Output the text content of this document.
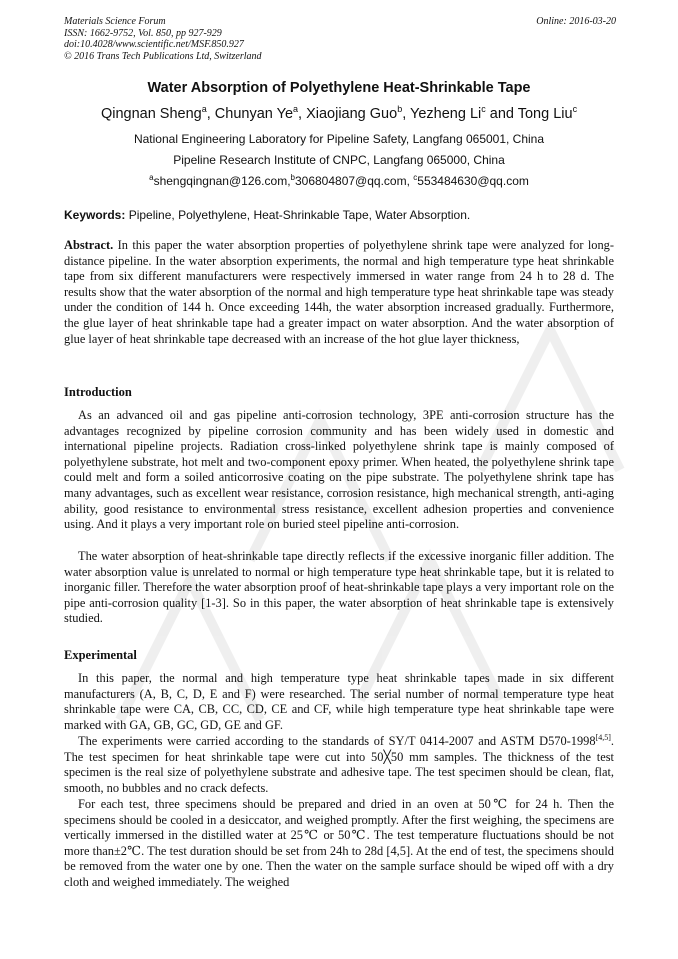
Materials Science Forum
ISSN: 1662-9752, Vol. 850, pp 927-929
doi:10.4028/www.scientific.net/MSF.850.927
© 2016 Trans Tech Publications Ltd, Switzerland
Online: 2016-03-20
Water Absorption of Polyethylene Heat-Shrinkable Tape
Qingnan Sheng$^a$, Chunyan Ye$^a$, Xiaojiang Guo$^b$, Yezheng Li$^c$ and Tong Liu$^c$
National Engineering Laboratory for Pipeline Safety, Langfang 065001, China
Pipeline Research Institute of CNPC, Langfang 065000, China
$^a$shengqingnan@126.com,$^b$306804807@qq.com, $^c$553484630@qq.com
Keywords: Pipeline, Polyethylene, Heat-Shrinkable Tape, Water Absorption.
Abstract. In this paper the water absorption properties of polyethylene shrink tape were analyzed for long-distance pipeline. In the water absorption experiments, the normal and high temperature type heat shrinkable tape from six different manufacturers were respectively immersed in water range from 24 h to 28 d. The results show that the water absorption of the normal and high temperature type heat shrinkable tape was steady under the condition of 144 h. Once exceeding 144h, the water absorption increased gradually. Furthermore, the glue layer of heat shrinkable tape had a greater impact on water absorption. And the water absorption of glue layer of heat shrinkable tape decreased with an increase of the hot glue layer thickness,
Introduction
As an advanced oil and gas pipeline anti-corrosion technology, 3PE anti-corrosion structure has the advantages recognized by pipeline corrosion community and has been widely used in domestic and international pipeline projects. Radiation cross-linked polyethylene shrink tape is mainly composed of polyethylene substrate, hot melt and two-component epoxy primer. When heated, the polyethylene shrink tape could melt and form a soiled anticorrosive coating on the pipe substrate. The polyethylene shrink tape has many advantages, such as excellent wear resistance, corrosion resistance, high mechanical strength, anti-aging ability, good resistance to environmental stress resistance, excellent adhesion properties and convenience using. And it plays a very important role on buried steel pipeline anti-corrosion.
The water absorption of heat-shrinkable tape directly reflects if the excessive inorganic filler addition. The water absorption value is unrelated to normal or high temperature type heat shrinkable tape, but it is related to inorganic filler. Therefore the water absorption proof of heat-shrinkable tape plays a very important role on the pipe anti-corrosion quality [1-3]. So in this paper, the water absorption of heat shrinkable tape is extensively studied.
Experimental
In this paper, the normal and high temperature type heat shrinkable tapes made in six different manufacturers (A, B, C, D, E and F) were researched. The serial number of normal temperature type heat shrinkable tape were CA, CB, CC, CD, CE and CF, while high temperature type heat shrinkable tape were marked with GA, GB, GC, GD, GE and GF.
The experiments were carried according to the standards of SY/T 0414-2007 and ASTM D570-1998[4,5]. The test specimen for heat shrinkable tape were cut into 50╳50 mm samples. The thickness of the test specimen is the real size of polyethylene substrate and adhesive tape. The test specimen should be clean, flat, smooth, no bubbles and no crack defects.
For each test, three specimens should be prepared and dried in an oven at 50℃ for 24 h. Then the specimens should be cooled in a desiccator, and weighed promptly. After the first weighing, the specimens are vertically immersed in the distilled water at 25℃ or 50℃. The test temperature fluctuations should be not more than±2℃. The test duration should be set from 24h to 28d [4,5]. At the end of test, the specimens should be removed from the water one by one. Then the water on the sample surface should be wiped off with a dry cloth and weighed immediately. The weighed
